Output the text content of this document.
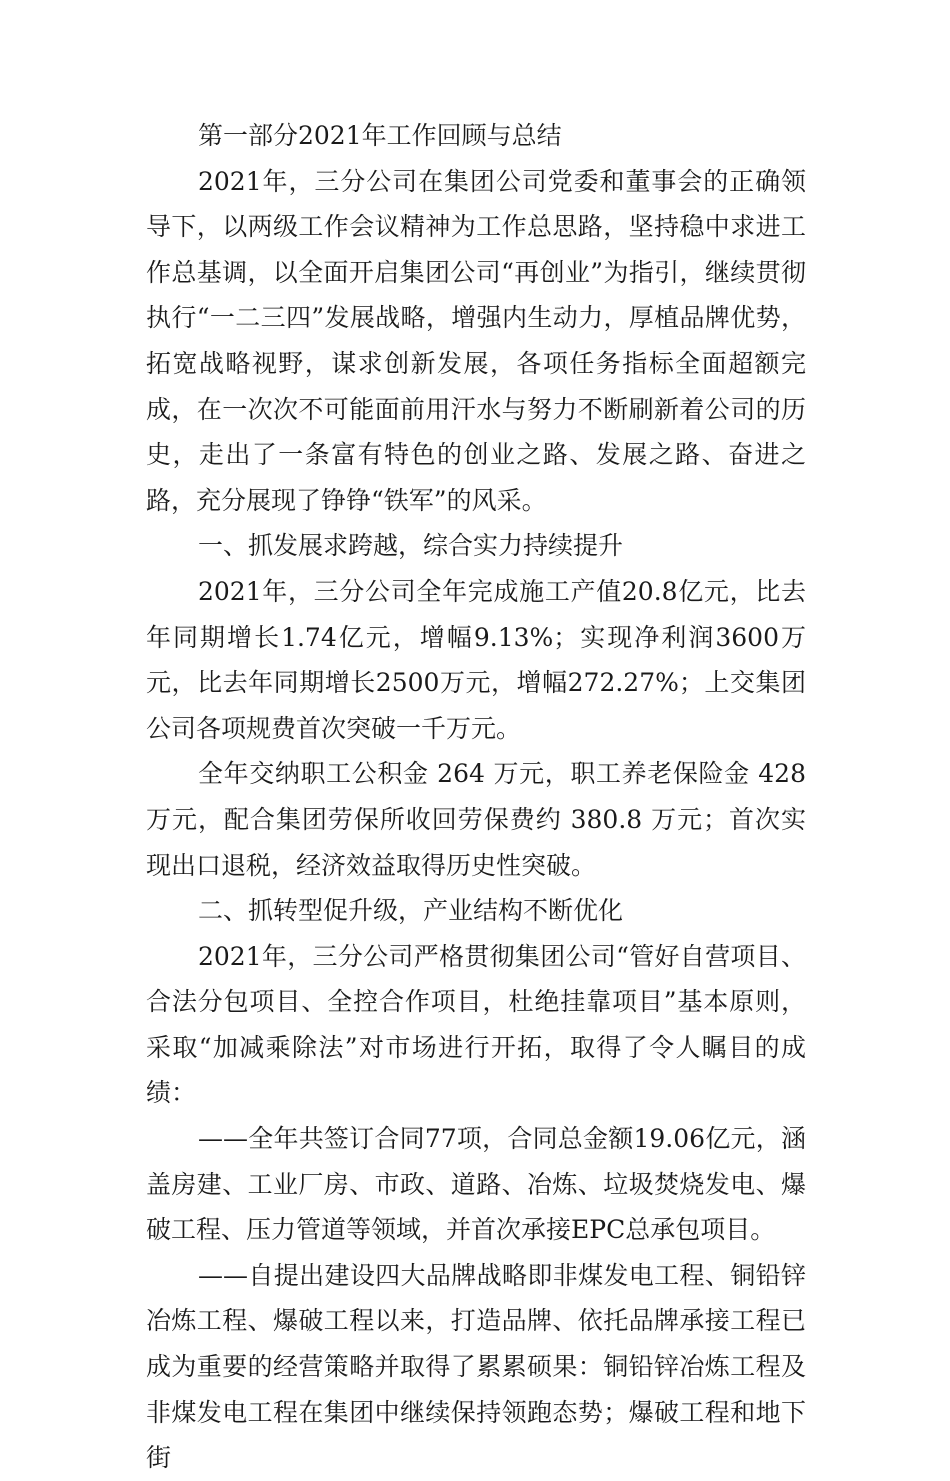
第一部分2021年工作回顾与总结

2021年，三分公司在集团公司党委和董事会的正确领导下，以两级工作会议精神为工作总思路，坚持稳中求进工作总基调，以全面开启集团公司“再创业”为指引，继续贯彻执行“一二三四”发展战略，增强内生动力，厚植品牌优势，拓宽战略视野，谋求创新发展，各项任务指标全面超额完成，在一次次不可能面前用汗水与努力不断刷新着公司的历史，走出了一条富有特色的创业之路、发展之路、奋进之路，充分展现了铮铮“铁军”的风采。

一、抓发展求跨越，综合实力持续提升

2021年，三分公司全年完成施工产值20.8亿元，比去年同期增长1.74亿元，增幅9.13%；实现净利润3600万元，比去年同期增长2500万元，增幅272.27%；上交集团公司各项规费首次突破一千万元。

全年交纳职工公积金 264 万元，职工养老保险金 428万元，配合集团劳保所收回劳保费约 380.8 万元；首次实现出口退税，经济效益取得历史性突破。

二、抓转型促升级，产业结构不断优化

2021年，三分公司严格贯彻集团公司“管好自营项目、合法分包项目、全控合作项目，杜绝挂靠项目”基本原则，采取“加减乘除法”对市场进行开拓，取得了令人瞩目的成绩：

——全年共签订合同77项，合同总金额19.06亿元，涵盖房建、工业厂房、市政、道路、冶炼、垃圾焚烧发电、爆破工程、压力管道等领域，并首次承接EPC总承包项目。

——自提出建设四大品牌战略即非煤发电工程、铜铅锌冶炼工程、爆破工程以来，打造品牌、依托品牌承接工程已成为重要的经营策略并取得了累累硕果：铜铅锌冶炼工程及非煤发电工程在集团中继续保持领跑态势；爆破工程和地下街
